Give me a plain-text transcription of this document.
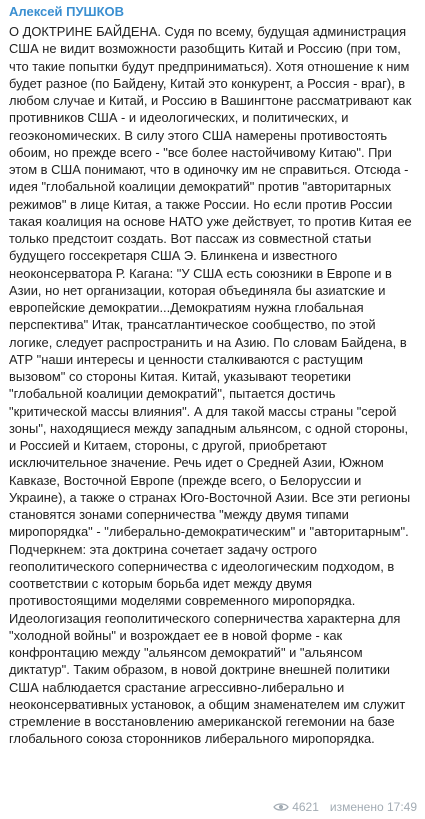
Алексей ПУШКОВ

О ДОКТРИНЕ БАЙДЕНА. Судя по всему, будущая администрация США не видит возможности разобщить Китай и Россию (при том, что такие попытки будут предприниматься). Хотя отношение к ним будет разное (по Байдену, Китай это конкурент, а Россия - враг), в любом случае и Китай, и Россию в Вашингтоне рассматривают как противников США - и идеологических, и политических, и геоэкономических. В силу этого США намерены противостоять обоим, но прежде всего - "все более настойчивому Китаю". При этом в США понимают, что в одиночку им не справиться. Отсюда - идея "глобальной коалиции демократий" против "авторитарных режимов" в лице Китая, а также России. Но если против России такая коалиция на основе НАТО уже действует, то против Китая ее только предстоит создать. Вот пассаж из совместной статьи будущего госсекретаря США Э. Блинкена и известного неоконсерватора Р. Кагана: "У США есть союзники в Европе и в Азии, но нет организации, которая объединяла бы азиатские и европейские демократии...Демократиям нужна глобальная перспектива" Итак, трансатлантическое сообщество, по этой логике, следует распространить и на Азию. По словам Байдена, в АТР "наши интересы и ценности сталкиваются с растущим вызовом" со стороны Китая. Китай, указывают теоретики "глобальной коалиции демократий", пытается достичь "критической массы влияния". А для такой массы страны "серой зоны", находящиеся между западным альянсом, с одной стороны, и Россией и Китаем, стороны, с другой, приобретают исключительное значение. Речь идет о Средней Азии, Южном Кавказе, Восточной Европе (прежде всего, о Белоруссии и Украине), а также о странах Юго-Восточной Азии. Все эти регионы становятся зонами соперничества "между двумя типами миропорядка" - "либерально-демократическим" и "авторитарным". Подчеркнем: эта доктрина сочетает задачу острого геополитического соперничества с идеологическим подходом, в соответствии с которым борьба идет между двумя противостоящими моделями современного миропорядка. Идеологизация геополитического соперничества характерна для "холодной войны" и возрождает ее в новой форме - как конфронтацию между "альянсом демократий" и "альянсом диктатур". Таким образом, в новой доктрине внешней политики США наблюдается срастание агрессивно-либерально и неоконсервативных установок, а общим знаменателем им служит стремление в восстановлению американской гегемонии на базе глобального союза сторонников либерального миропорядка.

4621 изменено 17:49
